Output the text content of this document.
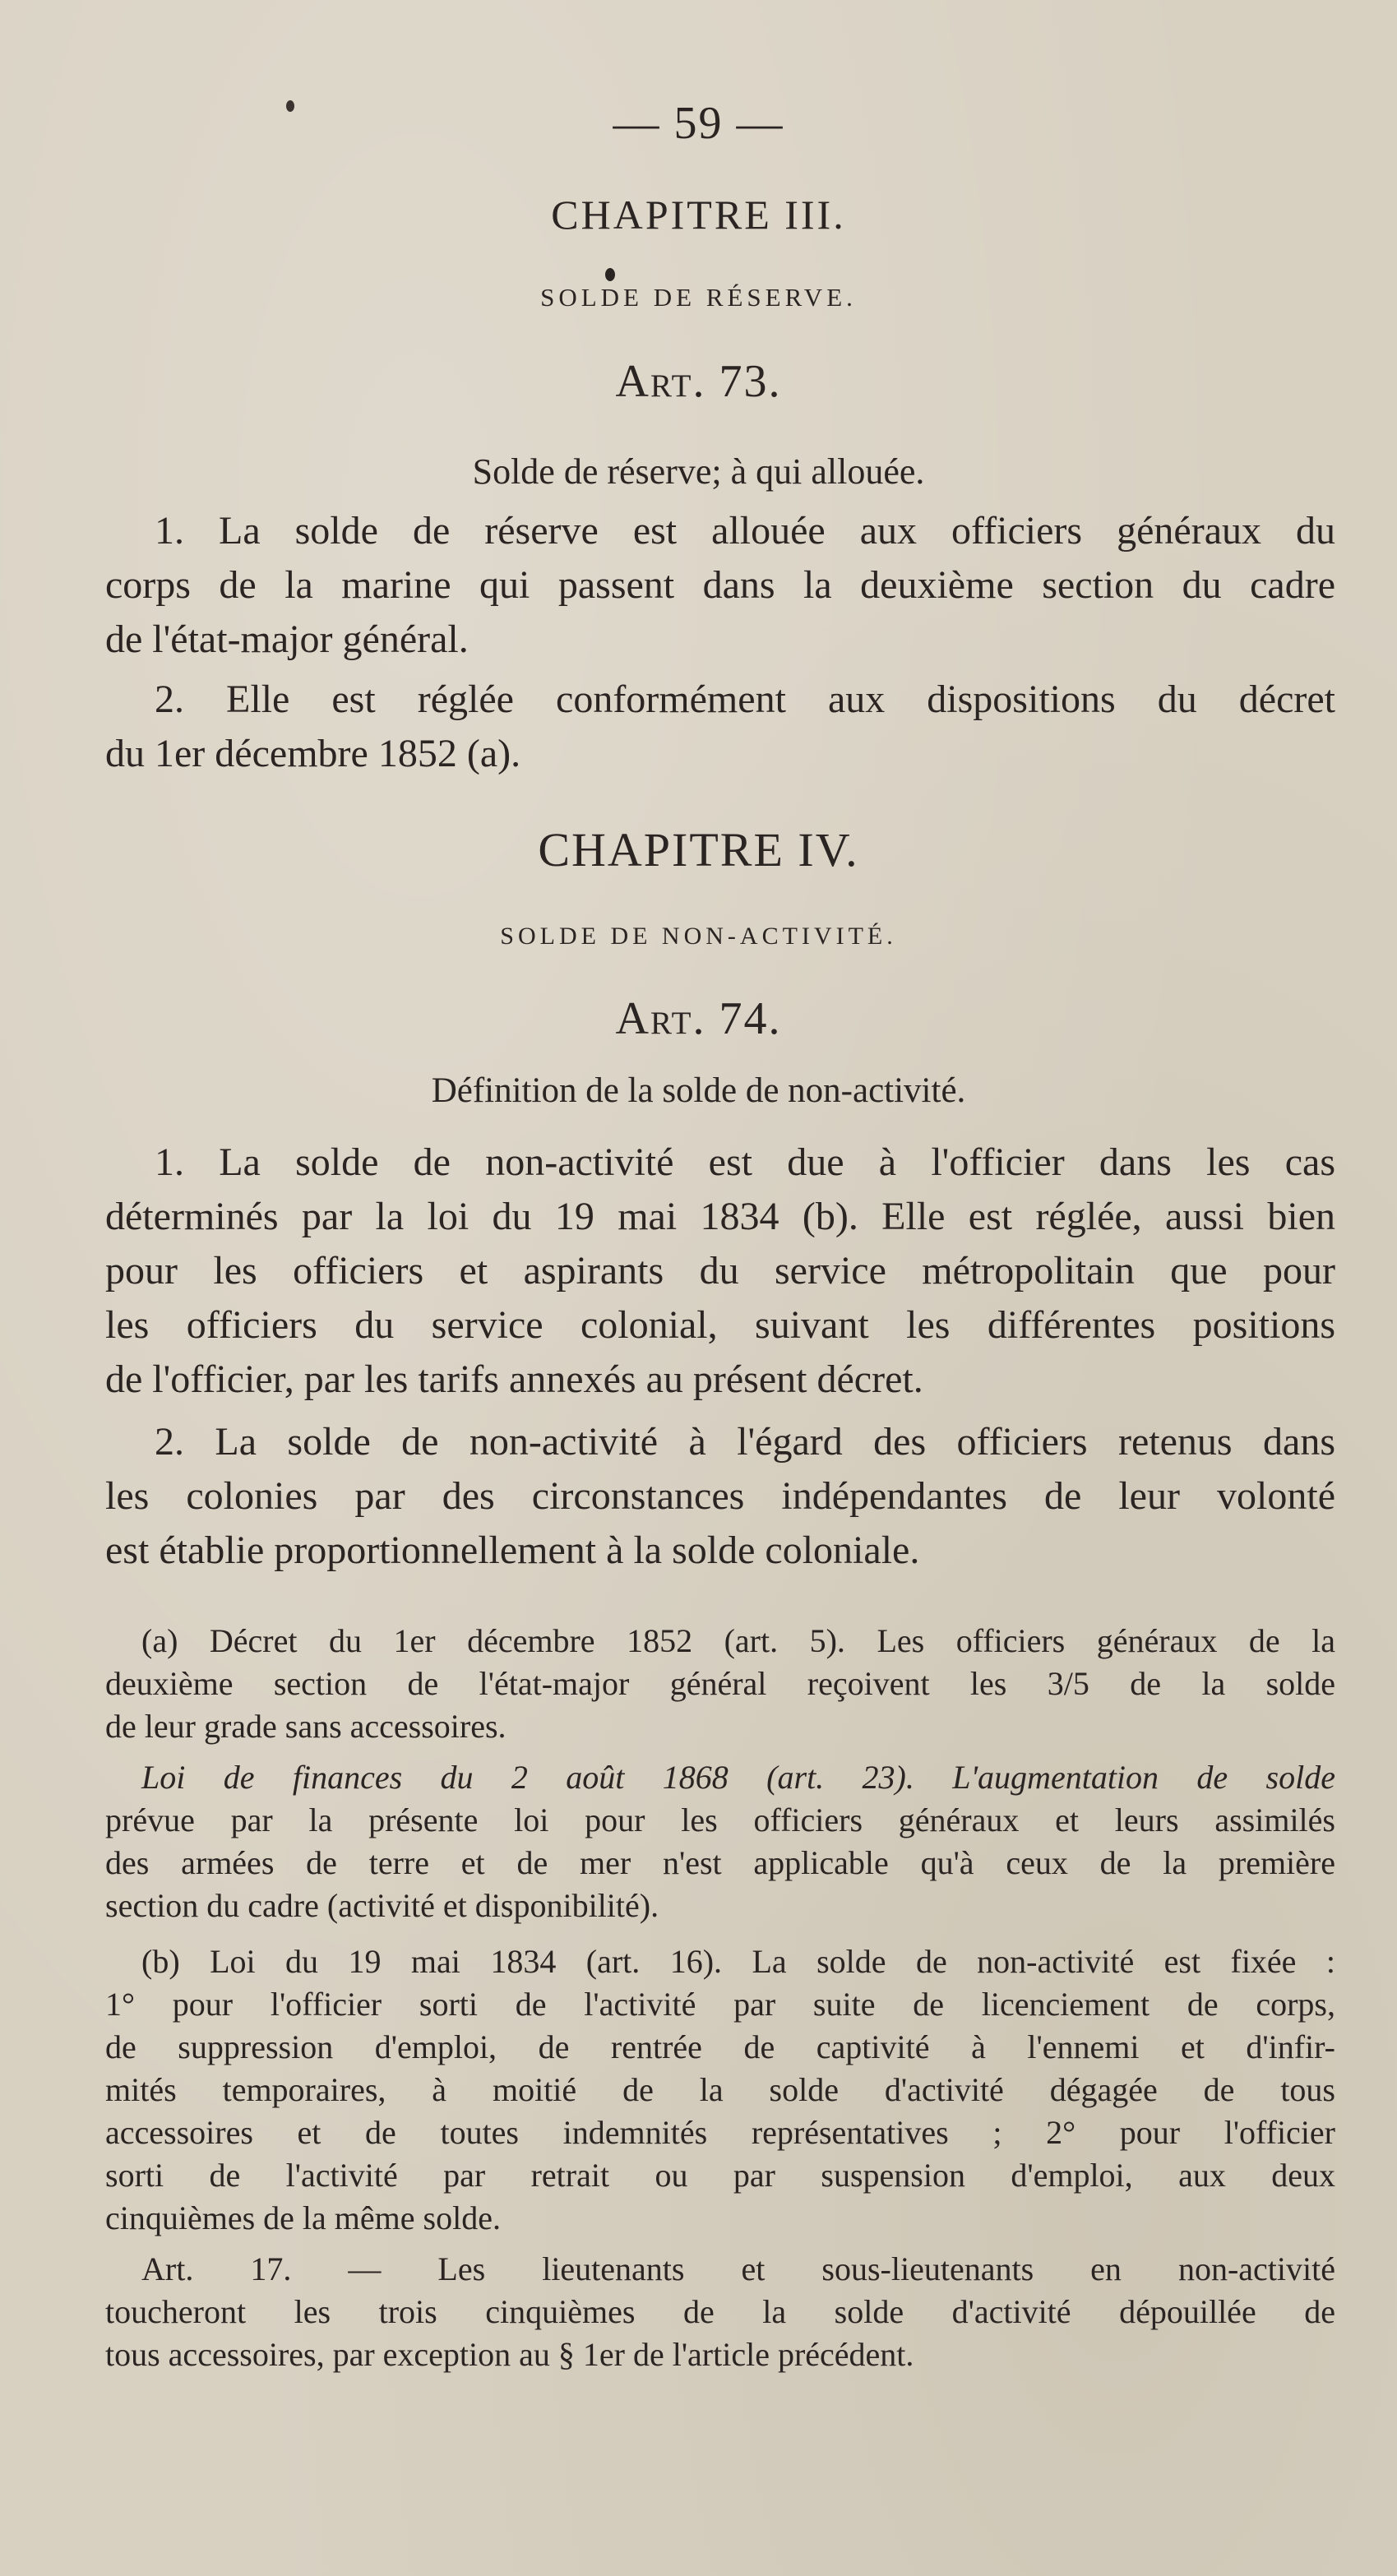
— 59 —
CHAPITRE III.
SOLDE DE RÉSERVE.
Art. 73.
Solde de réserve; à qui allouée.
1. La solde de réserve est allouée aux officiers généraux du
corps de la marine qui passent dans la deuxième section du cadre
de l'état-major général.
2. Elle est réglée conformément aux dispositions du décret
du 1er décembre 1852 (a).
CHAPITRE IV.
SOLDE DE NON-ACTIVITÉ.
Art. 74.
Définition de la solde de non-activité.
1. La solde de non-activité est due à l'officier dans les cas
déterminés par la loi du 19 mai 1834 (b). Elle est réglée, aussi bien
pour les officiers et aspirants du service métropolitain que pour
les officiers du service colonial, suivant les différentes positions
de l'officier, par les tarifs annexés au présent décret.
2. La solde de non-activité à l'égard des officiers retenus dans
les colonies par des circonstances indépendantes de leur volonté
est établie proportionnellement à la solde coloniale.
(a) Décret du 1er décembre 1852 (art. 5). Les officiers généraux de la
deuxième section de l'état-major général reçoivent les 3/5 de la solde
de leur grade sans accessoires.
Loi de finances du 2 août 1868 (art. 23). L'augmentation de solde
prévue par la présente loi pour les officiers généraux et leurs assimilés
des armées de terre et de mer n'est applicable qu'à ceux de la première
section du cadre (activité et disponibilité).
(b) Loi du 19 mai 1834 (art. 16). La solde de non-activité est fixée :
1° pour l'officier sorti de l'activité par suite de licenciement de corps,
de suppression d'emploi, de rentrée de captivité à l'ennemi et d'infir-
mités temporaires, à moitié de la solde d'activité dégagée de tous
accessoires et de toutes indemnités représentatives ; 2° pour l'officier
sorti de l'activité par retrait ou par suspension d'emploi, aux deux
cinquièmes de la même solde.
Art. 17. — Les lieutenants et sous-lieutenants en non-activité
toucheront les trois cinquièmes de la solde d'activité dépouillée de
tous accessoires, par exception au § 1er de l'article précédent.
